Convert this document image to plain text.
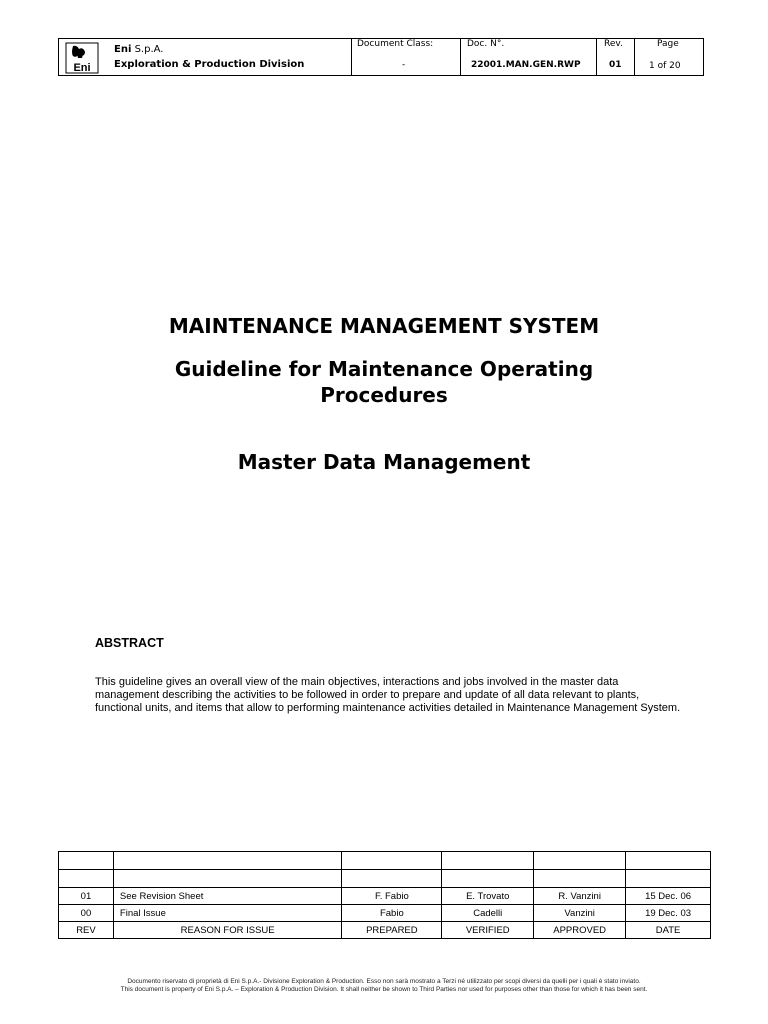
Eni
Eni S.p.A.
Exploration & Production Division
Document Class:
-
Doc. N°.
22001.MAN.GEN.RWP
Rev.
01
Page
1 of 20
MAINTENANCE MANAGEMENT SYSTEM
Guideline for Maintenance Operating
Procedures
Master Data Management
ABSTRACT
This guideline gives an overall view of the main objectives, interactions and jobs involved in the master data management describing the activities to be followed in order to prepare and update of all data relevant to plants, functional units, and items that allow to performing maintenance activities detailed in Maintenance Management System.

01	See Revision Sheet	F. Fabio	E. Trovato	R. Vanzini	15 Dec. 06
00	Final Issue	Fabio	Cadelli	Vanzini	19 Dec. 03
REV	REASON FOR ISSUE	PREPARED	VERIFIED	APPROVED	DATE
Documento riservato di proprietà di Eni S.p.A.- Divisione Exploration & Production. Esso non sarà mostrato a Terzi né utilizzato per scopi diversi da quelli per i quali è stato inviato.
This document is property of Eni S.p.A. – Exploration & Production Division. It shall neither be shown to Third Parties nor used for purposes other than those for which it has been sent.
